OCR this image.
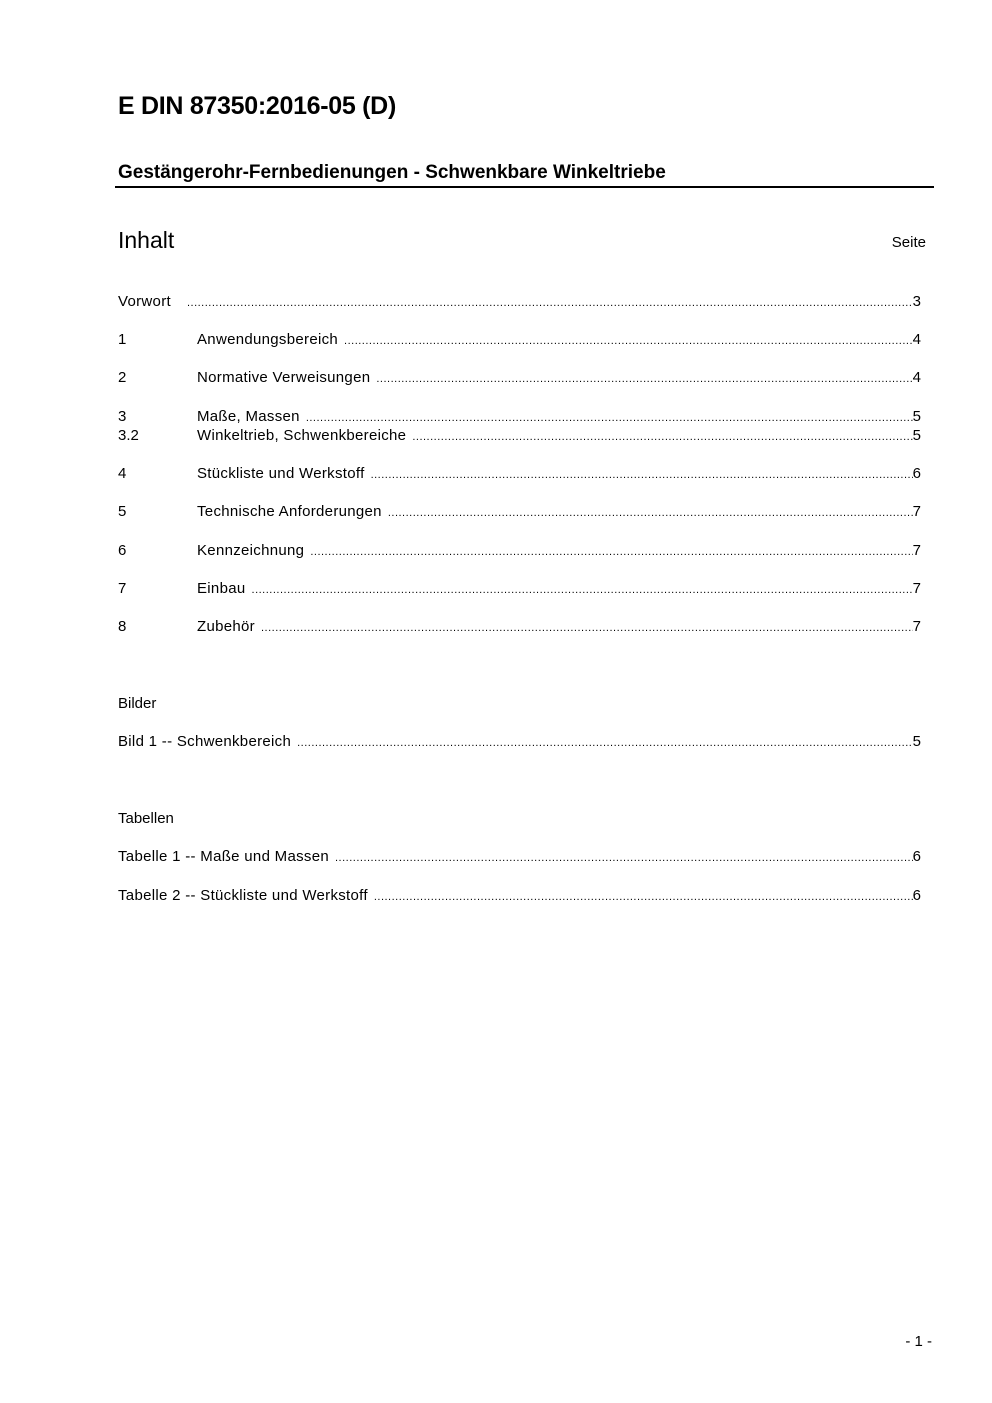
E DIN 87350:2016-05 (D)
Gestängerohr-Fernbedienungen - Schwenkbare Winkeltriebe
Inhalt	Seite
Vorwort .....	3
1	Anwendungsbereich .....	4
2	Normative Verweisungen .....	4
3	Maße, Massen .....	5
3.2	Winkeltrieb, Schwenkbereiche .....	5
4	Stückliste und Werkstoff .....	6
5	Technische Anforderungen .....	7
6	Kennzeichnung .....	7
7	Einbau .....	7
8	Zubehör .....	7
Bilder
Bild 1 -- Schwenkbereich .....	5
Tabellen
Tabelle 1 -- Maße und Massen .....	6
Tabelle 2 -- Stückliste und Werkstoff .....	6
- 1 -
